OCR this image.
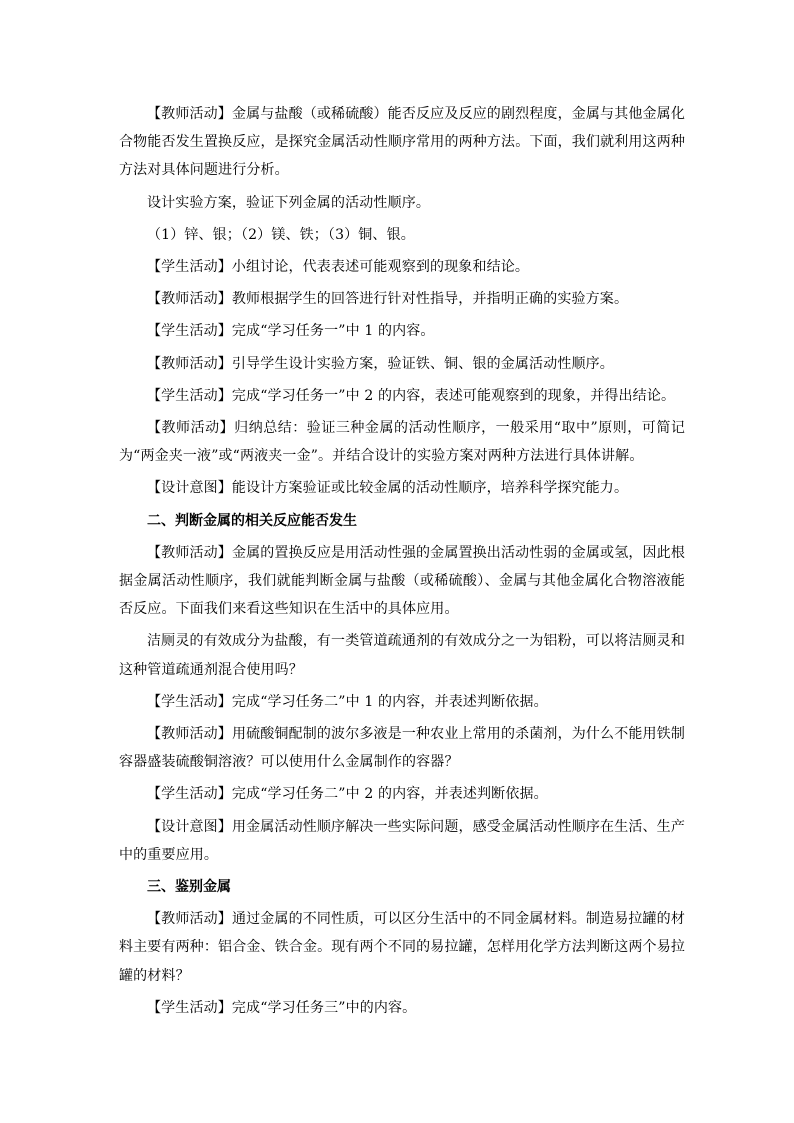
【教师活动】金属与盐酸（或稀硫酸）能否反应及反应的剧烈程度，金属与其他金属化合物能否发生置换反应，是探究金属活动性顺序常用的两种方法。下面，我们就利用这两种方法对具体问题进行分析。

设计实验方案，验证下列金属的活动性顺序。

（1）锌、银；（2）镁、铁；（3）铜、银。

【学生活动】小组讨论，代表表述可能观察到的现象和结论。

【教师活动】教师根据学生的回答进行针对性指导，并指明正确的实验方案。

【学生活动】完成“学习任务一”中 1 的内容。

【教师活动】引导学生设计实验方案，验证铁、铜、银的金属活动性顺序。

【学生活动】完成“学习任务一”中 2 的内容，表述可能观察到的现象，并得出结论。

【教师活动】归纳总结：验证三种金属的活动性顺序，一般采用“取中”原则，可简记为“两金夹一液”或“两液夹一金”。并结合设计的实验方案对两种方法进行具体讲解。

【设计意图】能设计方案验证或比较金属的活动性顺序，培养科学探究能力。

二、判断金属的相关反应能否发生

【教师活动】金属的置换反应是用活动性强的金属置换出活动性弱的金属或氢，因此根据金属活动性顺序，我们就能判断金属与盐酸（或稀硫酸）、金属与其他金属化合物溶液能否反应。下面我们来看这些知识在生活中的具体应用。

洁厕灵的有效成分为盐酸，有一类管道疏通剂的有效成分之一为铝粉，可以将洁厕灵和这种管道疏通剂混合使用吗？

【学生活动】完成“学习任务二”中 1 的内容，并表述判断依据。

【教师活动】用硫酸铜配制的波尔多液是一种农业上常用的杀菌剂，为什么不能用铁制容器盛装硫酸铜溶液？可以使用什么金属制作的容器？

【学生活动】完成“学习任务二”中 2 的内容，并表述判断依据。

【设计意图】用金属活动性顺序解决一些实际问题，感受金属活动性顺序在生活、生产中的重要应用。

三、鉴别金属

【教师活动】通过金属的不同性质，可以区分生活中的不同金属材料。制造易拉罐的材料主要有两种：铝合金、铁合金。现有两个不同的易拉罐，怎样用化学方法判断这两个易拉罐的材料？

【学生活动】完成“学习任务三”中的内容。
